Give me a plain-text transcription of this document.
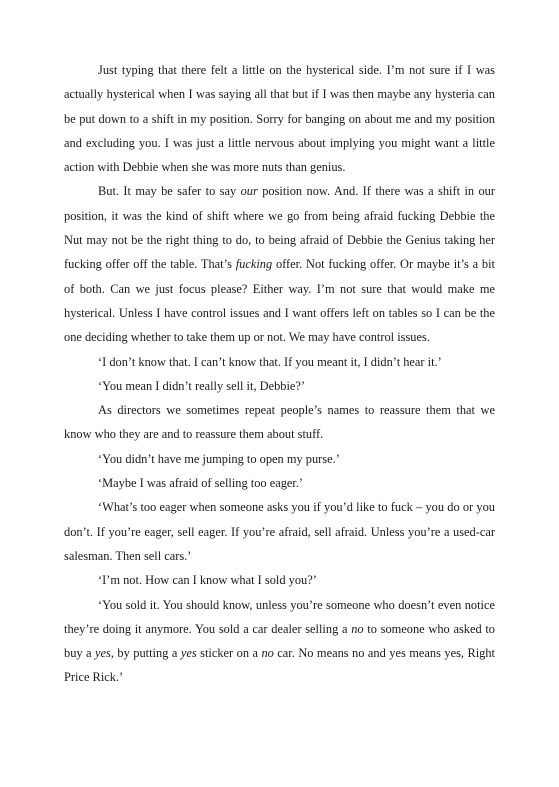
Just typing that there felt a little on the hysterical side. I’m not sure if I was actually hysterical when I was saying all that but if I was then maybe any hysteria can be put down to a shift in my position. Sorry for banging on about me and my position and excluding you. I was just a little nervous about implying you might want a little action with Debbie when she was more nuts than genius.

But. It may be safer to say our position now. And. If there was a shift in our position, it was the kind of shift where we go from being afraid fucking Debbie the Nut may not be the right thing to do, to being afraid of Debbie the Genius taking her fucking offer off the table. That’s fucking offer. Not fucking offer. Or maybe it’s a bit of both. Can we just focus please? Either way. I’m not sure that would make me hysterical. Unless I have control issues and I want offers left on tables so I can be the one deciding whether to take them up or not. We may have control issues.

‘I don’t know that. I can’t know that. If you meant it, I didn’t hear it.’

‘You mean I didn’t really sell it, Debbie?’

As directors we sometimes repeat people’s names to reassure them that we know who they are and to reassure them about stuff.

‘You didn’t have me jumping to open my purse.’

‘Maybe I was afraid of selling too eager.’

‘What’s too eager when someone asks you if you’d like to fuck – you do or you don’t. If you’re eager, sell eager. If you’re afraid, sell afraid. Unless you’re a used-car salesman. Then sell cars.’

‘I’m not. How can I know what I sold you?’

‘You sold it. You should know, unless you’re someone who doesn’t even notice they’re doing it anymore. You sold a car dealer selling a no to someone who asked to buy a yes, by putting a yes sticker on a no car. No means no and yes means yes, Right Price Rick.’
